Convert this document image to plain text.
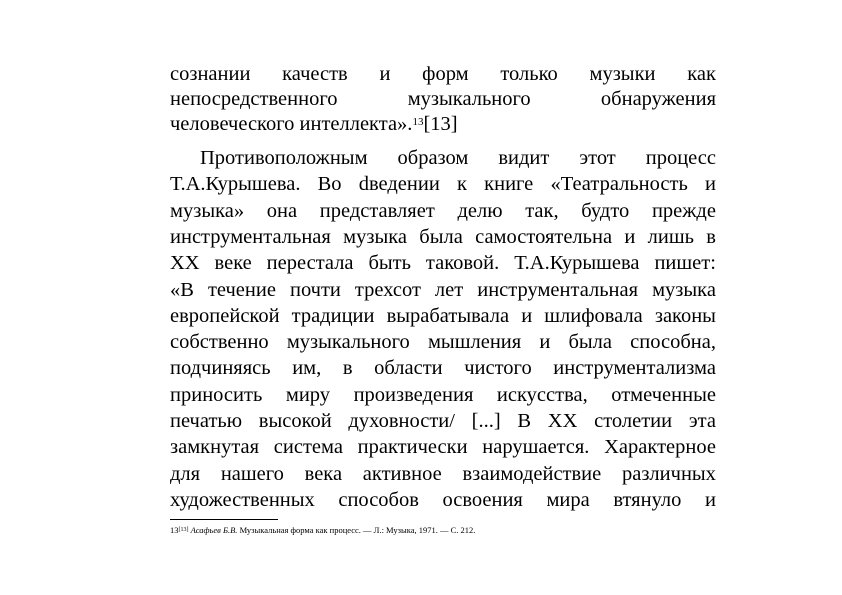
сознании качеств и форм только музыки как
непосредственного	музыкального	обнаружения
человеческого интеллекта».$^{13}$[13]
Противоположным образом видит этот процесс
Т.А.Курышева. Во dведении к книге «Театральность и
музыка» она представляет делю так, будто прежде
инструментальная музыка была самостоятельна и лишь в
XX веке перестала быть таковой. Т.А.Курышева пишет:
«В течение почти трехсот лет инструментальная музыка
европейской традиции вырабатывала и шлифовала законы
собственно музыкального мышления и была способна,
подчиняясь им, в области чистого инструментализма
приносить миру произведения искусства, отмеченные
печатью высокой духовности/ [...] В XX столетии эта
замкнутая система практически нарушается. Характерное
для нашего века активное взаимодействие различных
художественных способов освоения мира втянуло и
13[13] Асафьев Б.В. Музыкальная форма как процесс. — Л.: Музыка, 1971. — С. 212.
